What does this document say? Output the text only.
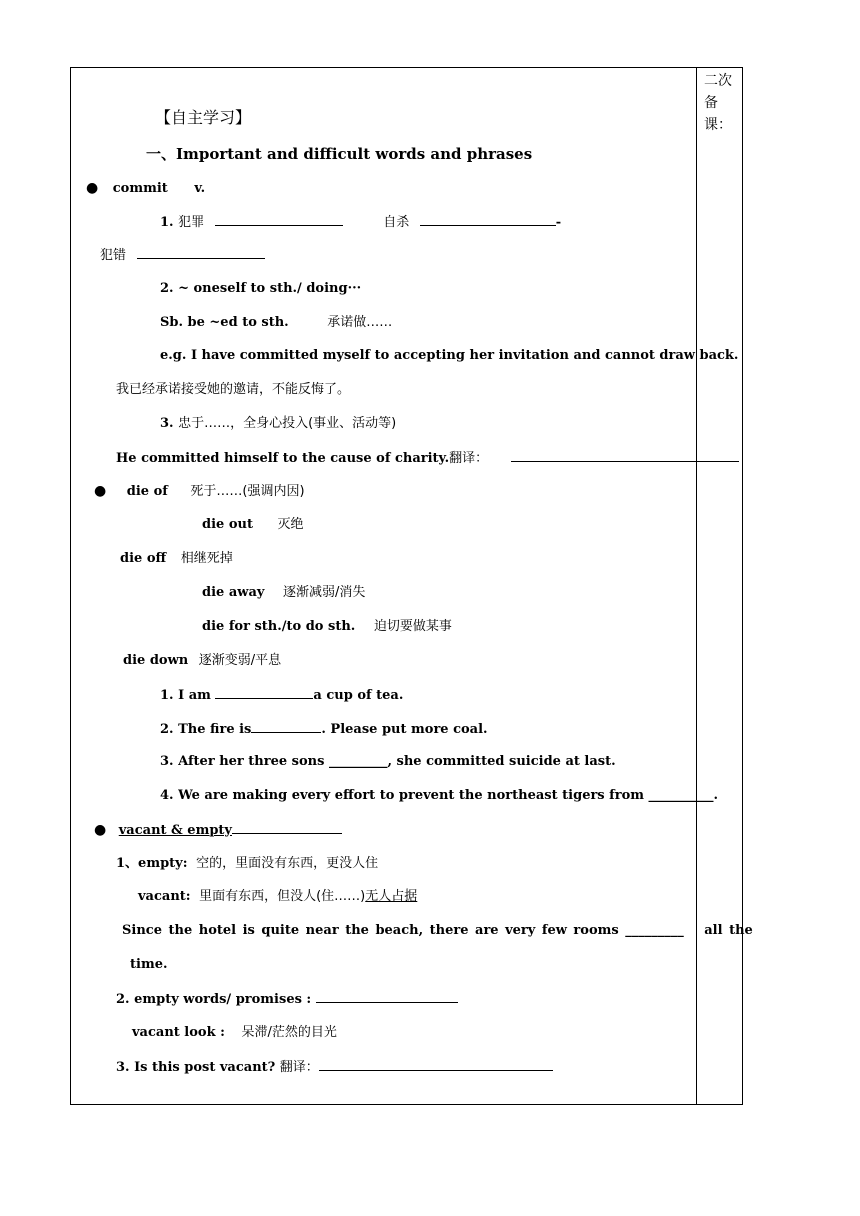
二次
备
课：
【自主学习】
一、Important and difficult words and phrases
● commit v.
1. 犯罪	自杀	-
犯错
2. ~ oneself to sth./ doing···
Sb. be ~ed to sth.	承诺做……
e.g. I have committed myself to accepting her invitation and cannot draw back.
我已经承诺接受她的邀请，不能反悔了。
3. 忠于……，全身心投入(事业、活动等)
He committed himself to the cause of charity.翻译：
● die of 死于……(强调内因)
die out 灭绝
die off 相继死掉
die away 逐渐减弱/消失
die for sth./to do sth. 迫切要做某事
die down 逐渐变弱/平息
1. I am	a cup of tea.
2. The fire is	. Please put more coal.
3. After her three sons _________, she committed suicide at last.
4. We are making every effort to prevent the northeast tigers from __________.
● vacant & empty
1、empty: 空的，里面没有东西，更没人住
vacant: 里面有东西，但没人(住……)无人占据
Since the hotel is quite near the beach, there are very few rooms _________ all the
time.
2. empty words/ promises :
vacant look : 呆滞/茫然的目光
3. Is this post vacant? 翻译：
